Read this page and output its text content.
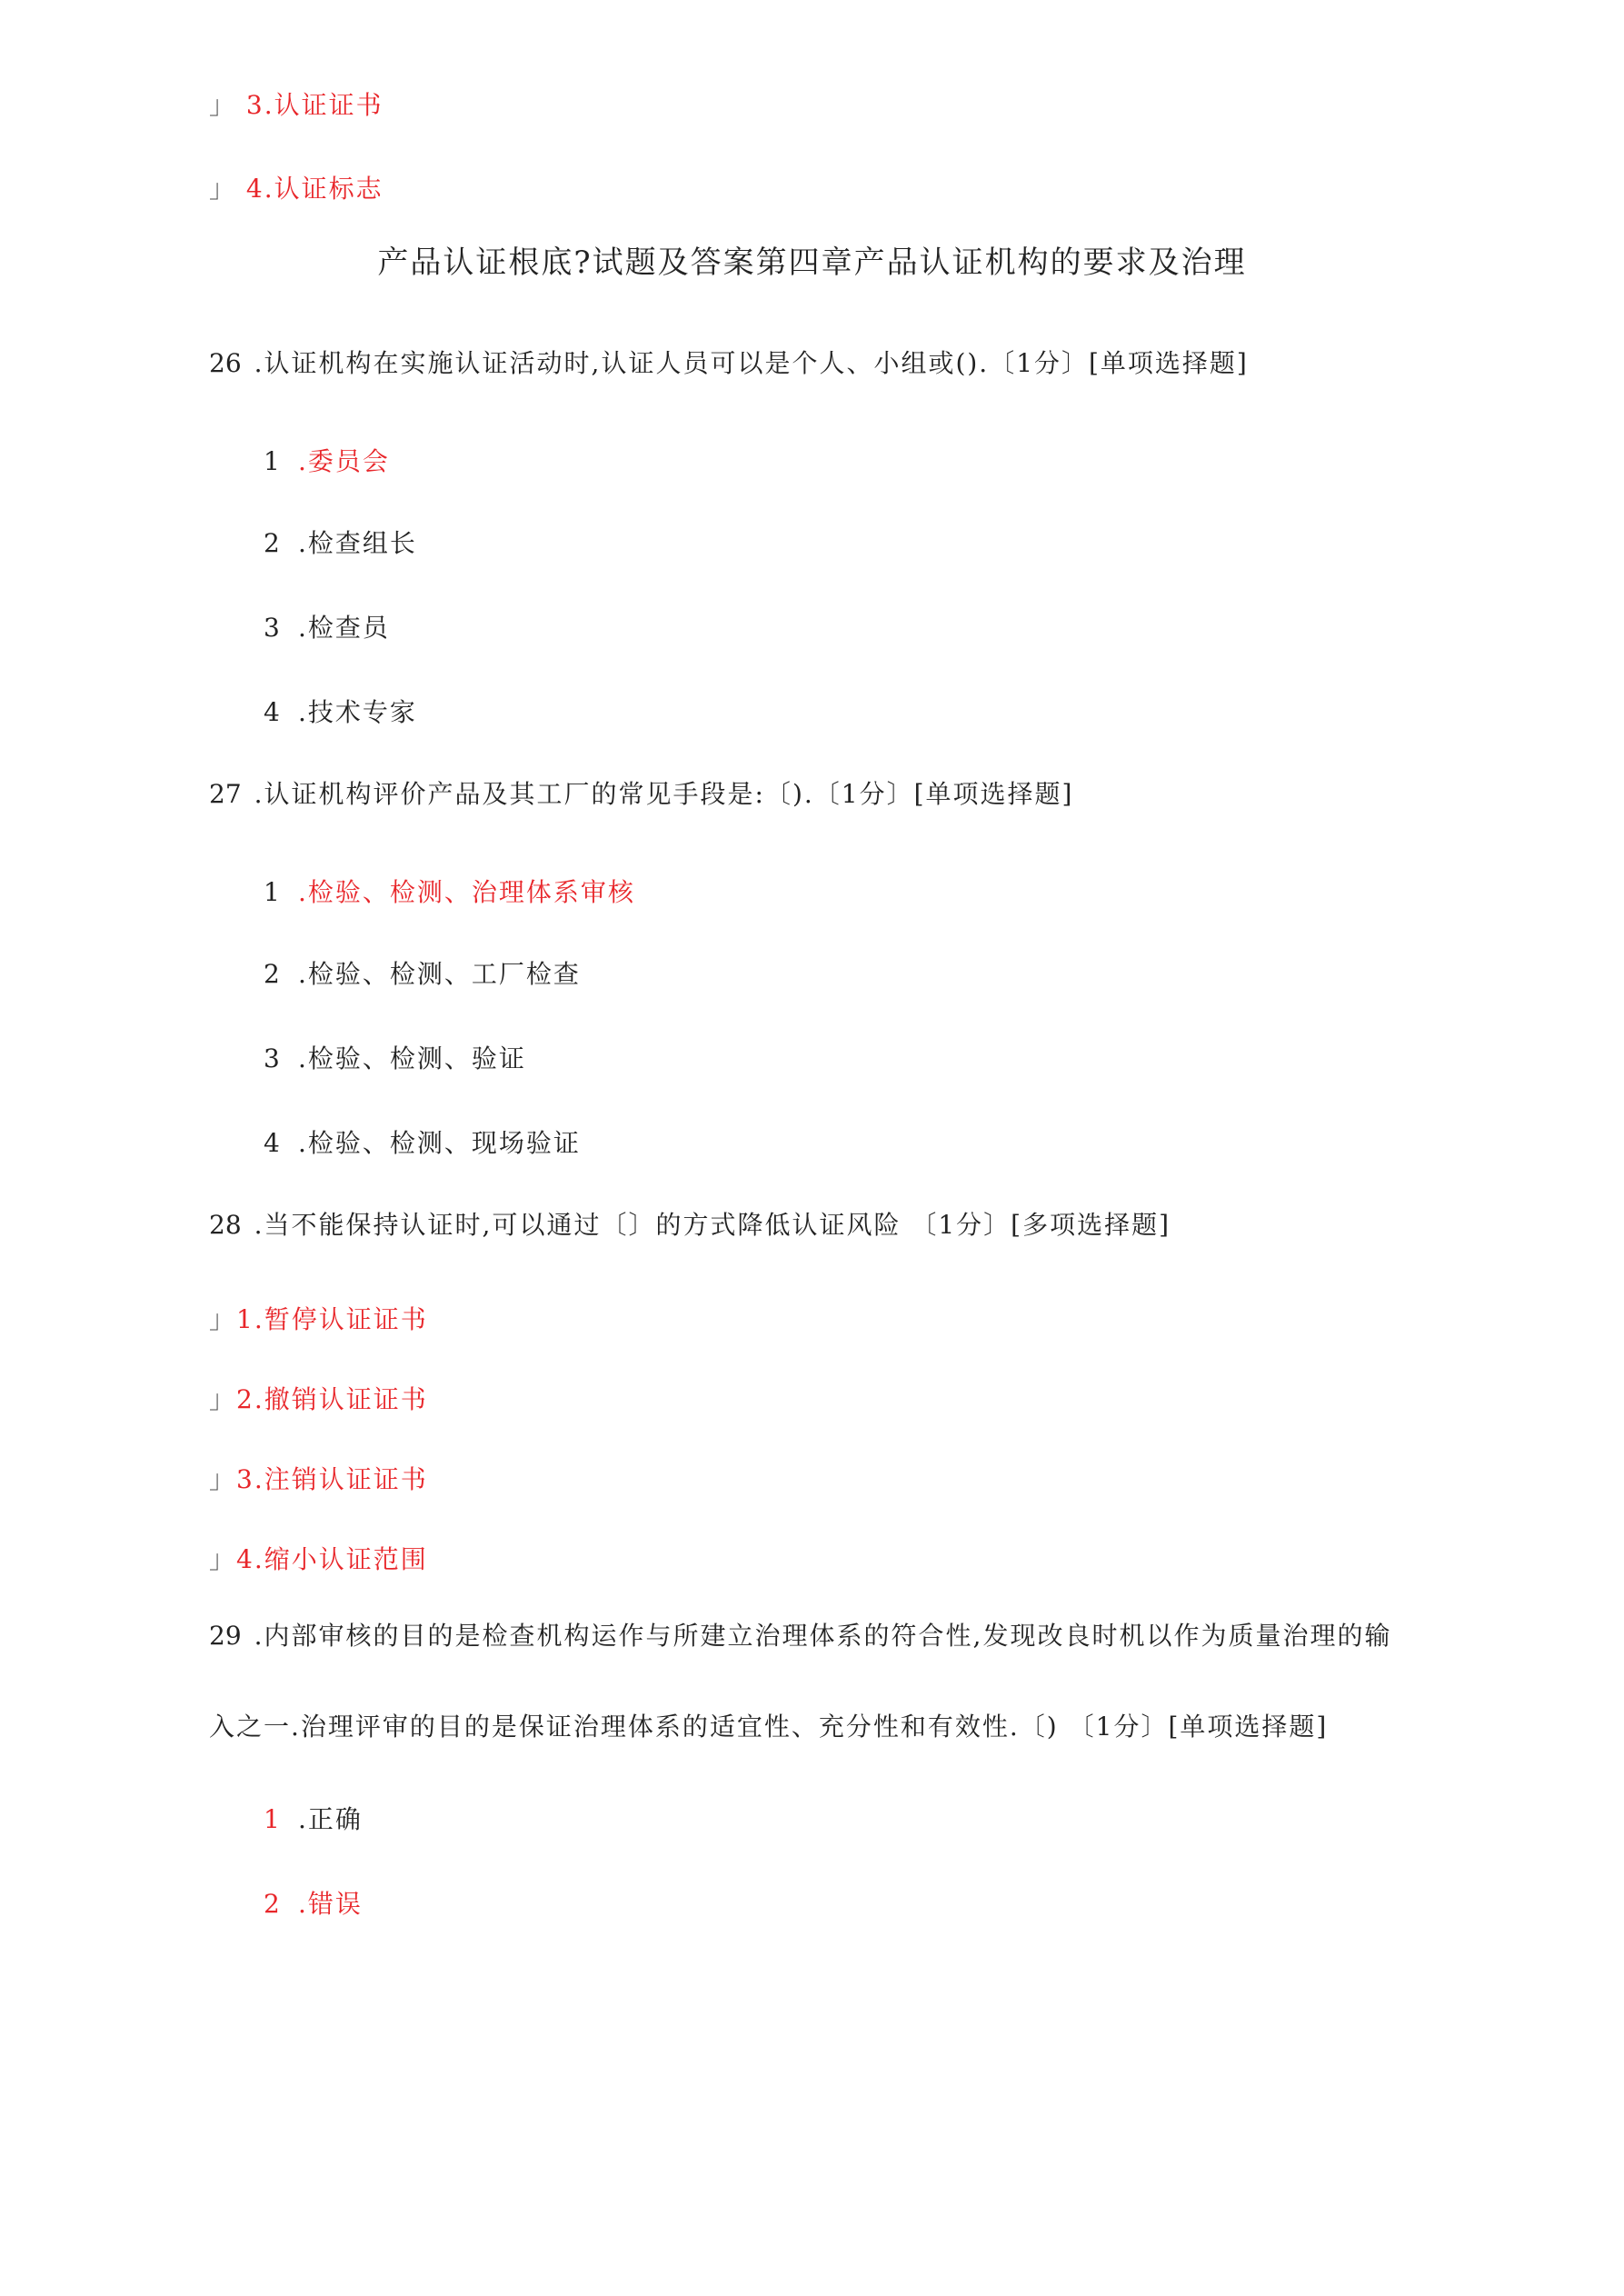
」 3.认证证书
」 4.认证标志
产品认证根底?试题及答案第四章产品认证机构的要求及治理
26 .认证机构在实施认证活动时,认证人员可以是个人、小组或().〔1分〕[单项选择题]
1 .委员会
2 .检查组长
3 .检查员
4 .技术专家
27 .认证机构评价产品及其工厂的常见手段是:〔).〔1分〕[单项选择题]
1 .检验、检测、治理体系审核
2 .检验、检测、工厂检查
3 .检验、检测、验证
4 .检验、检测、现场验证
28 .当不能保持认证时,可以通过〔〕的方式降低认证风险 〔1分〕[多项选择题]
」1.暂停认证证书
」2.撤销认证证书
」3.注销认证证书
」4.缩小认证范围
29 .内部审核的目的是检查机构运作与所建立治理体系的符合性,发现改良时机以作为质量治理的输
入之一.治理评审的目的是保证治理体系的适宜性、充分性和有效性.〔) 〔1分〕[单项选择题]
1 .正确
2 .错误
